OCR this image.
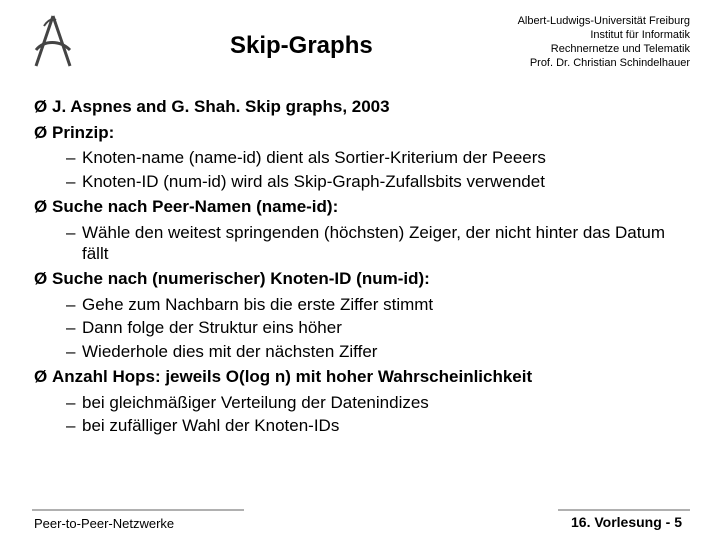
Skip-Graphs
Albert-Ludwigs-Universität Freiburg
Institut für Informatik
Rechnernetze und Telematik
Prof. Dr. Christian Schindelhauer
Ø J. Aspnes and G. Shah. Skip graphs, 2003
Ø Prinzip:
– Knoten-name (name-id) dient als Sortier-Kriterium der Peeers
– Knoten-ID (num-id) wird als Skip-Graph-Zufallsbits verwendet
Ø Suche nach Peer-Namen (name-id):
– Wähle den weitest springenden (höchsten) Zeiger, der nicht hinter das Datum fällt
Ø Suche nach (numerischer) Knoten-ID (num-id):
– Gehe zum Nachbarn bis die erste Ziffer stimmt
– Dann folge der Struktur eins höher
– Wiederhole dies mit der nächsten Ziffer
Ø Anzahl Hops: jeweils O(log n) mit hoher Wahrscheinlichkeit
– bei gleichmäßiger Verteilung der Datenindizes
– bei zufälliger Wahl der Knoten-IDs
Peer-to-Peer-Netzwerke	16. Vorlesung - 5
